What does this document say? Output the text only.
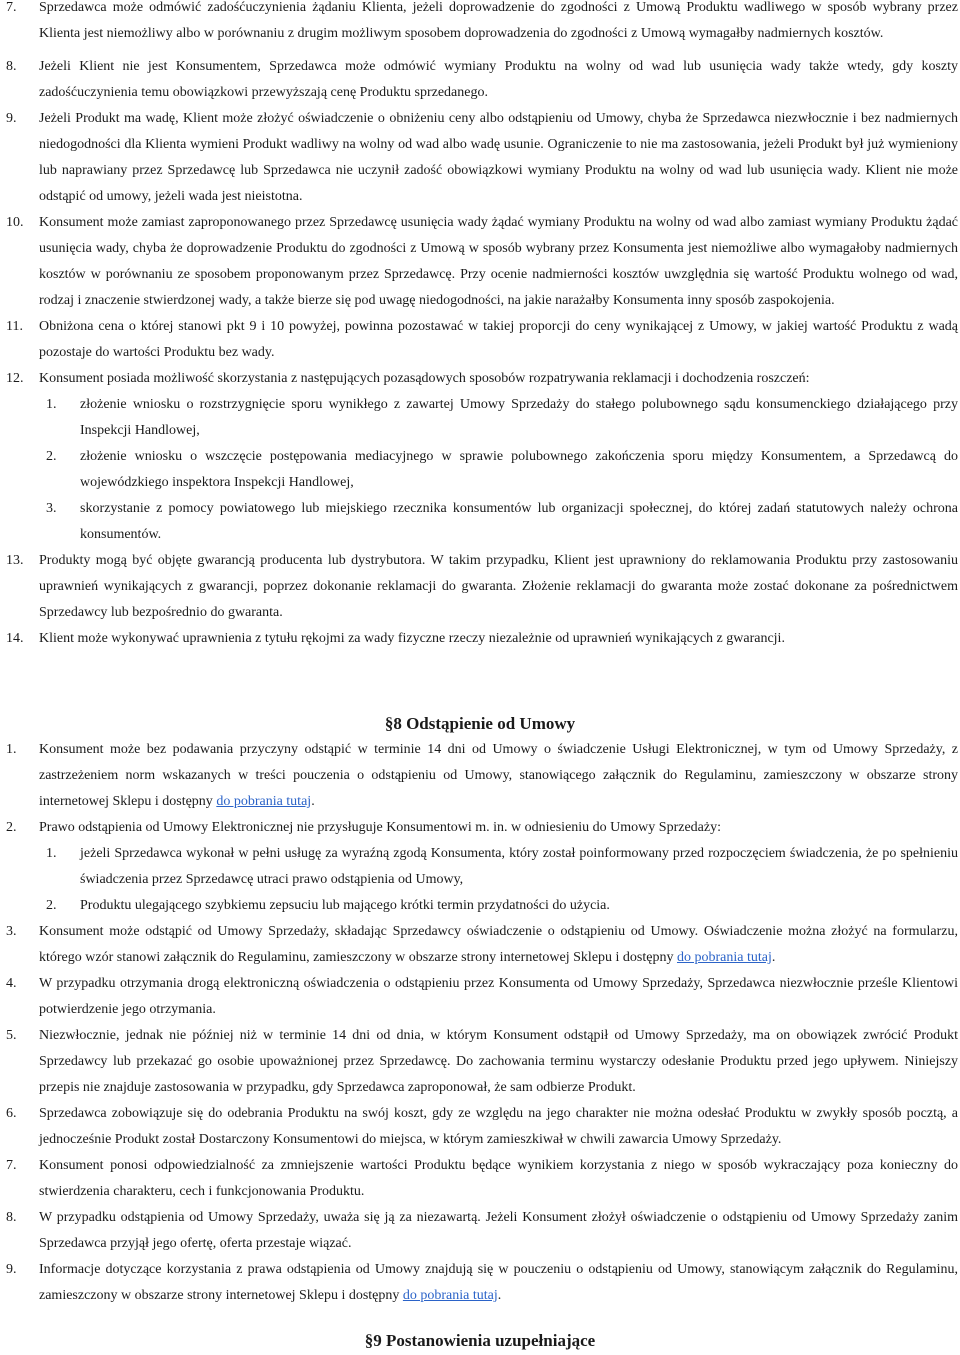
7. Sprzedawca może odmówić zadośćuczynienia żądaniu Klienta, jeżeli doprowadzenie do zgodności z Umową Produktu wadliwego w sposób wybrany przez Klienta jest niemożliwy albo w porównaniu z drugim możliwym sposobem doprowadzenia do zgodności z Umową wymagałby nadmiernych kosztów.
8. Jeżeli Klient nie jest Konsumentem, Sprzedawca może odmówić wymiany Produktu na wolny od wad lub usunięcia wady także wtedy, gdy koszty zadośćuczynienia temu obowiązkowi przewyższają cenę Produktu sprzedanego.
9. Jeżeli Produkt ma wadę, Klient może złożyć oświadczenie o obniżeniu ceny albo odstąpieniu od Umowy, chyba że Sprzedawca niezwłocznie i bez nadmiernych niedogodności dla Klienta wymieni Produkt wadliwy na wolny od wad albo wadę usunie. Ograniczenie to nie ma zastosowania, jeżeli Produkt był już wymieniony lub naprawiany przez Sprzedawcę lub Sprzedawca nie uczynił zadość obowiązkowi wymiany Produktu na wolny od wad lub usunięcia wady. Klient nie może odstąpić od umowy, jeżeli wada jest nieistotna.
10. Konsument może zamiast zaproponowanego przez Sprzedawcę usunięcia wady żądać wymiany Produktu na wolny od wad albo zamiast wymiany Produktu żądać usunięcia wady, chyba że doprowadzenie Produktu do zgodności z Umową w sposób wybrany przez Konsumenta jest niemożliwe albo wymagałoby nadmiernych kosztów w porównaniu ze sposobem proponowanym przez Sprzedawcę. Przy ocenie nadmierności kosztów uwzględnia się wartość Produktu wolnego od wad, rodzaj i znaczenie stwierdzonej wady, a także bierze się pod uwagę niedogodności, na jakie narażałby Konsumenta inny sposób zaspokojenia.
11. Obniżona cena o której stanowi pkt 9 i 10 powyżej, powinna pozostawać w takiej proporcji do ceny wynikającej z Umowy, w jakiej wartość Produktu z wadą pozostaje do wartości Produktu bez wady.
12. Konsument posiada możliwość skorzystania z następujących pozasądowych sposobów rozpatrywania reklamacji i dochodzenia roszczeń:
1. złożenie wniosku o rozstrzygnięcie sporu wynikłego z zawartej Umowy Sprzedaży do stałego polubownego sądu konsumenckiego działającego przy Inspekcji Handlowej,
2. złożenie wniosku o wszczęcie postępowania mediacyjnego w sprawie polubownego zakończenia sporu między Konsumentem, a Sprzedawcą do wojewódzkiego inspektora Inspekcji Handlowej,
3. skorzystanie z pomocy powiatowego lub miejskiego rzecznika konsumentów lub organizacji społecznej, do której zadań statutowych należy ochrona konsumentów.
13. Produkty mogą być objęte gwarancją producenta lub dystrybutora. W takim przypadku, Klient jest uprawniony do reklamowania Produktu przy zastosowaniu uprawnień wynikających z gwarancji, poprzez dokonanie reklamacji do gwaranta. Złożenie reklamacji do gwaranta może zostać dokonane za pośrednictwem Sprzedawcy lub bezpośrednio do gwaranta.
14. Klient może wykonywać uprawnienia z tytułu rękojmi za wady fizyczne rzeczy niezależnie od uprawnień wynikających z gwarancji.
§8 Odstąpienie od Umowy
1. Konsument może bez podawania przyczyny odstąpić w terminie 14 dni od Umowy o świadczenie Usługi Elektronicznej, w tym od Umowy Sprzedaży, z zastrzeżeniem norm wskazanych w treści pouczenia o odstąpieniu od Umowy, stanowiącego załącznik do Regulaminu, zamieszczony w obszarze strony internetowej Sklepu i dostępny do pobrania tutaj.
2. Prawo odstąpienia od Umowy Elektronicznej nie przysługuje Konsumentowi m. in. w odniesieniu do Umowy Sprzedaży:
1. jeżeli Sprzedawca wykonał w pełni usługę za wyraźną zgodą Konsumenta, który został poinformowany przed rozpoczęciem świadczenia, że po spełnieniu świadczenia przez Sprzedawcę utraci prawo odstąpienia od Umowy,
2. Produktu ulegającego szybkiemu zepsuciu lub mającego krótki termin przydatności do użycia.
3. Konsument może odstąpić od Umowy Sprzedaży, składając Sprzedawcy oświadczenie o odstąpieniu od Umowy. Oświadczenie można złożyć na formularzu, którego wzór stanowi załącznik do Regulaminu, zamieszczony w obszarze strony internetowej Sklepu i dostępny do pobrania tutaj.
4. W przypadku otrzymania drogą elektroniczną oświadczenia o odstąpieniu przez Konsumenta od Umowy Sprzedaży, Sprzedawca niezwłocznie prześle Klientowi potwierdzenie jego otrzymania.
5. Niezwłocznie, jednak nie później niż w terminie 14 dni od dnia, w którym Konsument odstąpił od Umowy Sprzedaży, ma on obowiązek zwrócić Produkt Sprzedawcy lub przekazać go osobie upoważnionej przez Sprzedawcę. Do zachowania terminu wystarczy odesłanie Produktu przed jego upływem. Niniejszy przepis nie znajduje zastosowania w przypadku, gdy Sprzedawca zaproponował, że sam odbierze Produkt.
6. Sprzedawca zobowiązuje się do odebrania Produktu na swój koszt, gdy ze względu na jego charakter nie można odesłać Produktu w zwykły sposób pocztą, a jednocześnie Produkt został Dostarczony Konsumentowi do miejsca, w którym zamieszkiwał w chwili zawarcia Umowy Sprzedaży.
7. Konsument ponosi odpowiedzialność za zmniejszenie wartości Produktu będące wynikiem korzystania z niego w sposób wykraczający poza konieczny do stwierdzenia charakteru, cech i funkcjonowania Produktu.
8. W przypadku odstąpienia od Umowy Sprzedaży, uważa się ją za niezawartą. Jeżeli Konsument złożył oświadczenie o odstąpieniu od Umowy Sprzedaży zanim Sprzedawca przyjął jego ofertę, oferta przestaje wiązać.
9. Informacje dotyczące korzystania z prawa odstąpienia od Umowy znajdują się w pouczeniu o odstąpieniu od Umowy, stanowiącym załącznik do Regulaminu, zamieszczony w obszarze strony internetowej Sklepu i dostępny do pobrania tutaj.
§9 Postanowienia uzupełniające
